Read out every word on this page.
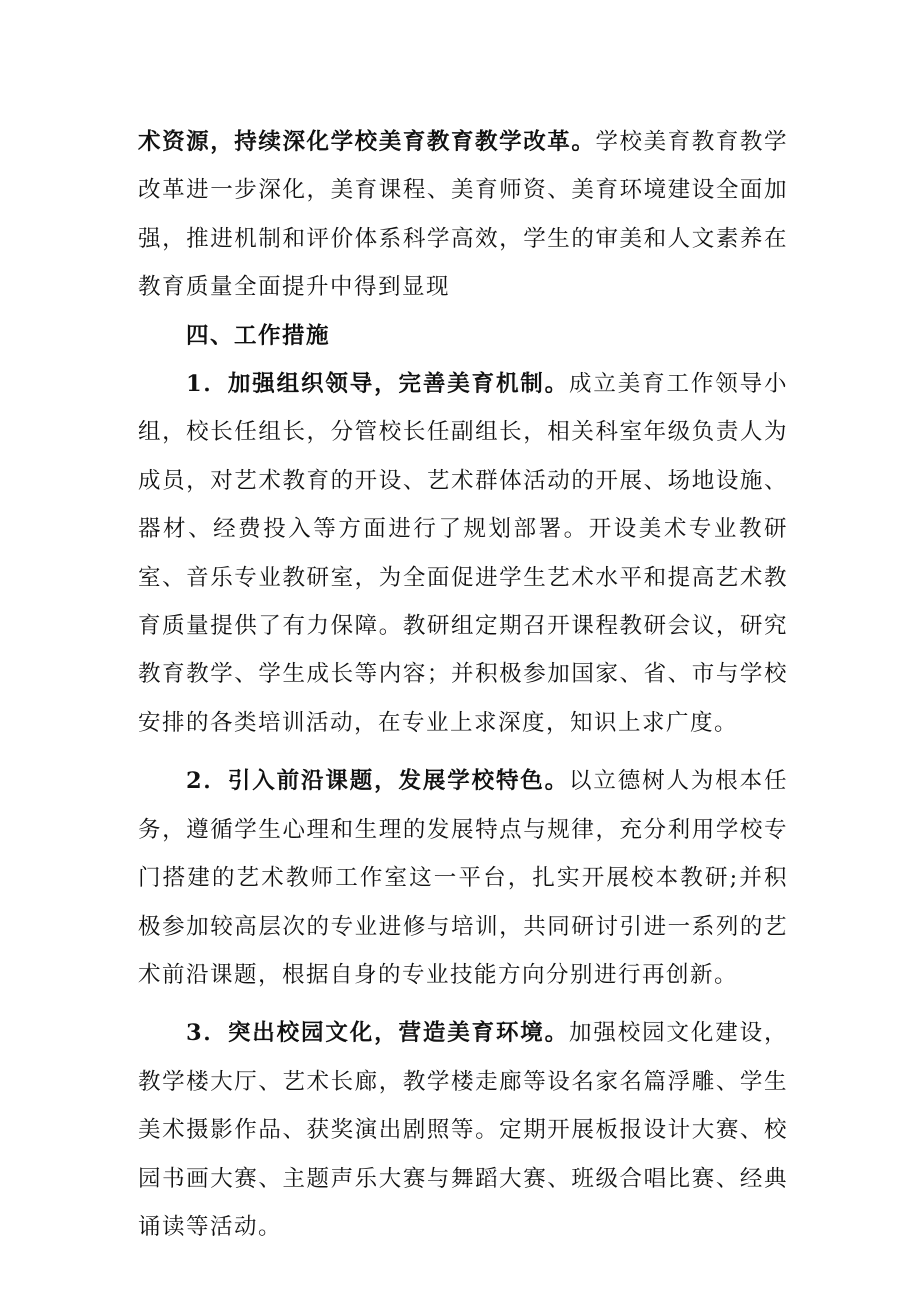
术资源，持续深化学校美育教育教学改革。学校美育教育教学改革进一步深化，美育课程、美育师资、美育环境建设全面加强，推进机制和评价体系科学高效，学生的审美和人文素养在教育质量全面提升中得到显现

四、工作措施

1．加强组织领导，完善美育机制。成立美育工作领导小组，校长任组长，分管校长任副组长，相关科室年级负责人为成员，对艺术教育的开设、艺术群体活动的开展、场地设施、器材、经费投入等方面进行了规划部署。开设美术专业教研室、音乐专业教研室，为全面促进学生艺术水平和提高艺术教育质量提供了有力保障。教研组定期召开课程教研会议，研究教育教学、学生成长等内容；并积极参加国家、省、市与学校安排的各类培训活动，在专业上求深度，知识上求广度。

2．引入前沿课题，发展学校特色。以立德树人为根本任务，遵循学生心理和生理的发展特点与规律，充分利用学校专门搭建的艺术教师工作室这一平台，扎实开展校本教研;并积极参加较高层次的专业进修与培训，共同研讨引进一系列的艺术前沿课题，根据自身的专业技能方向分别进行再创新。

3．突出校园文化，营造美育环境。加强校园文化建设，教学楼大厅、艺术长廊，教学楼走廊等设名家名篇浮雕、学生美术摄影作品、获奖演出剧照等。定期开展板报设计大赛、校园书画大赛、主题声乐大赛与舞蹈大赛、班级合唱比赛、经典诵读等活动。
